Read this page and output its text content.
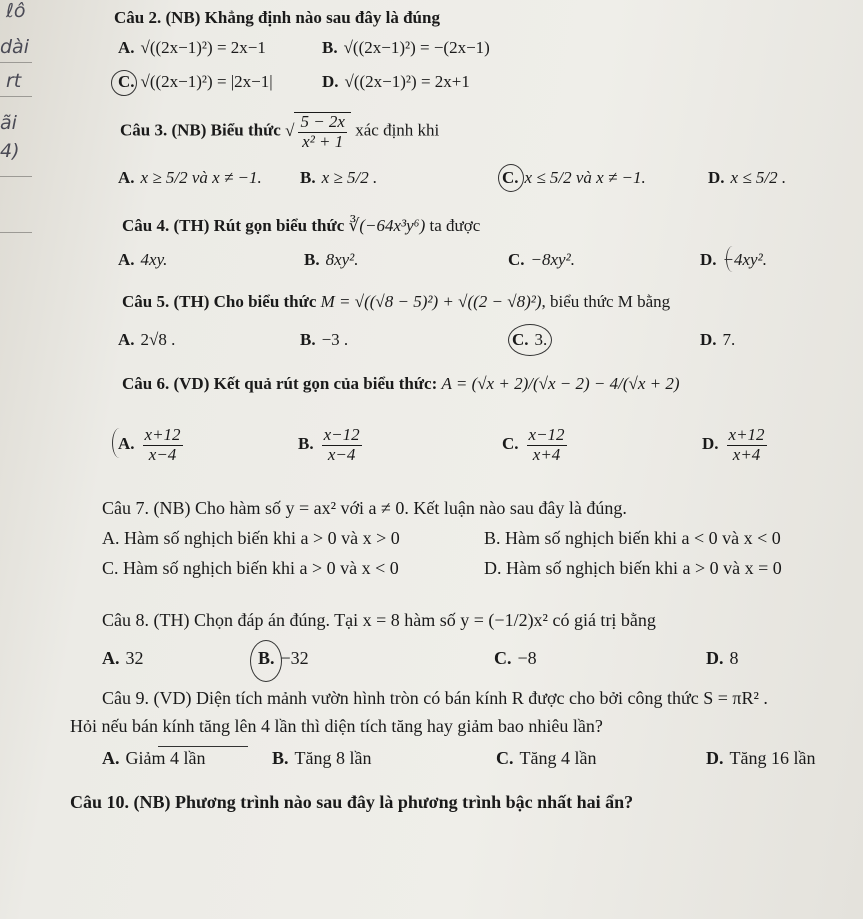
ℓô
dài
rt
ãi
4)
Câu 2. (NB) Khẳng định nào sau đây là đúng
A. √((2x−1)²) = 2x−1	B. √((2x−1)²) = −(2x−1)
C. √((2x−1)²) = |2x−1|	D. √((2x−1)²) = 2x+1
Câu 3. (NB) Biểu thức √ $\frac{5 - 2x}{\text{x² + 1}}$ xác định khi
A. x ≥ 5/2 và x ≠ −1. B. x ≥ 5/2 .	C. x ≤ 5/2 và x ≠ −1.	D. x ≤ 5/2 .
Câu 4. (TH) Rút gọn biểu thức ∛(−64x³y⁶) ta được
A. 4xy.	B. 8xy².	C. −8xy².	D. −4xy².
Câu 5. (TH) Cho biểu thức M = √((√8 − 5)²) + √((2 − √8)²), biểu thức M bằng
A. 2√8 .	B. −3 .	C. 3.	D. 7.
Câu 6. (VD) Kết quả rút gọn của biểu thức: A = (√x + 2)/(√x − 2) − 4/(√x + 2)
A. $\frac{x+12}{x-4}$	B. $\frac{x-12}{x-4}$	C. $\frac{x-12}{x+4}$	D. $\frac{x+12}{x+4}$
Câu 7. (NB) Cho hàm số y = ax² với a ≠ 0. Kết luận nào sau đây là đúng.
A. Hàm số nghịch biến khi a > 0 và x > 0	B. Hàm số nghịch biến khi a < 0 và x < 0
C. Hàm số nghịch biến khi a > 0 và x < 0	D. Hàm số nghịch biến khi a > 0 và x = 0
Câu 8. (TH) Chọn đáp án đúng. Tại x = 8 hàm số y = (−1/2)x² có giá trị bằng
A. 32	B. −32	C. −8	D. 8
Câu 9. (VD) Diện tích mảnh vườn hình tròn có bán kính R được cho bởi công thức S = πR² .
Hỏi nếu bán kính tăng lên 4 lần thì diện tích tăng hay giảm bao nhiêu lần?
A. Giảm 4 lần	B. Tăng 8 lần	C. Tăng 4 lần	D. Tăng 16 lần
Câu 10. (NB) Phương trình nào sau đây là phương trình bậc nhất hai ẩn?
